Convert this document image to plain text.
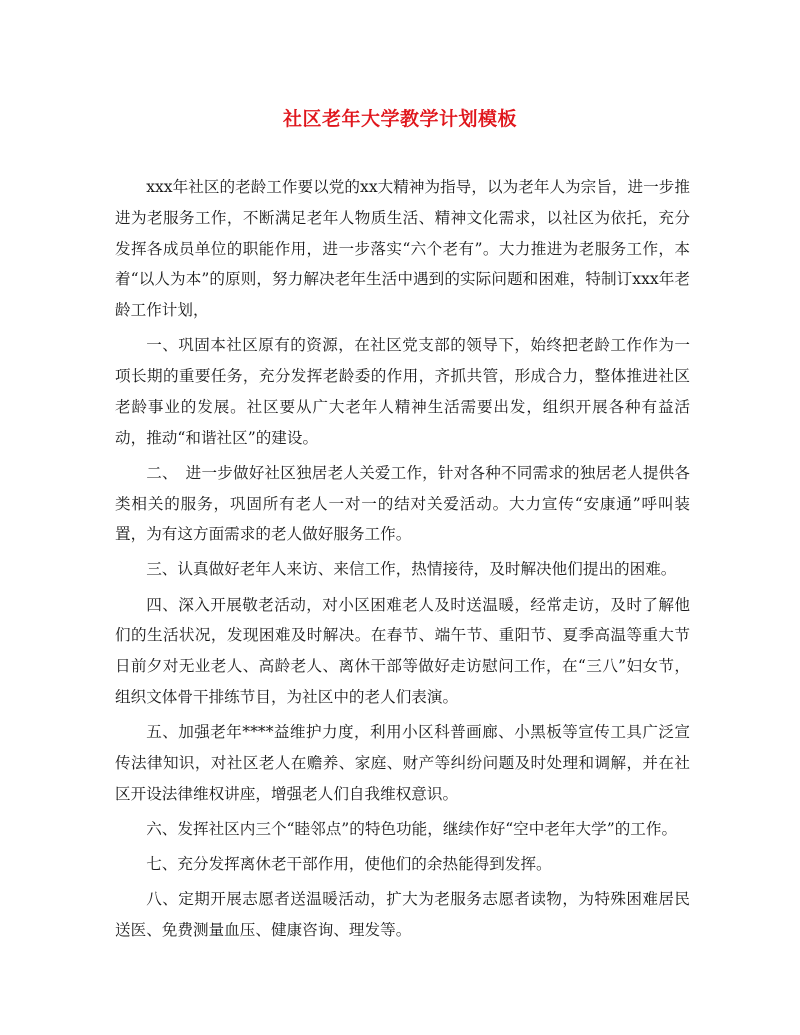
社区老年大学教学计划模板

xxx年社区的老龄工作要以党的xx大精神为指导，以为老年人为宗旨，进一步推进为老服务工作，不断满足老年人物质生活、精神文化需求，以社区为依托，充分发挥各成员单位的职能作用，进一步落实“六个老有”。大力推进为老服务工作，本着“以人为本”的原则，努力解决老年生活中遇到的实际问题和困难，特制订xxx年老龄工作计划，

一、巩固本社区原有的资源，在社区党支部的领导下，始终把老龄工作作为一项长期的重要任务，充分发挥老龄委的作用，齐抓共管，形成合力，整体推进社区老龄事业的发展。社区要从广大老年人精神生活需要出发，组织开展各种有益活动，推动“和谐社区”的建设。

二、　进一步做好社区独居老人关爱工作，针对各种不同需求的独居老人提供各类相关的服务，巩固所有老人一对一的结对关爱活动。大力宣传“安康通”呼叫装置，为有这方面需求的老人做好服务工作。

三、认真做好老年人来访、来信工作，热情接待，及时解决他们提出的困难。

四、深入开展敬老活动，对小区困难老人及时送温暖，经常走访，及时了解他们的生活状况，发现困难及时解决。在春节、端午节、重阳节、夏季高温等重大节日前夕对无业老人、高龄老人、离休干部等做好走访慰问工作，在“三八”妇女节，组织文体骨干排练节目，为社区中的老人们表演。

五、加强老年****益维护力度，利用小区科普画廊、小黑板等宣传工具广泛宣传法律知识，对社区老人在赡养、家庭、财产等纠纷问题及时处理和调解，并在社区开设法律维权讲座，增强老人们自我维权意识。

六、发挥社区内三个“睦邻点”的特色功能，继续作好“空中老年大学”的工作。

七、充分发挥离休老干部作用，使他们的余热能得到发挥。

八、定期开展志愿者送温暖活动，扩大为老服务志愿者读物，为特殊困难居民送医、免费测量血压、健康咨询、理发等。
